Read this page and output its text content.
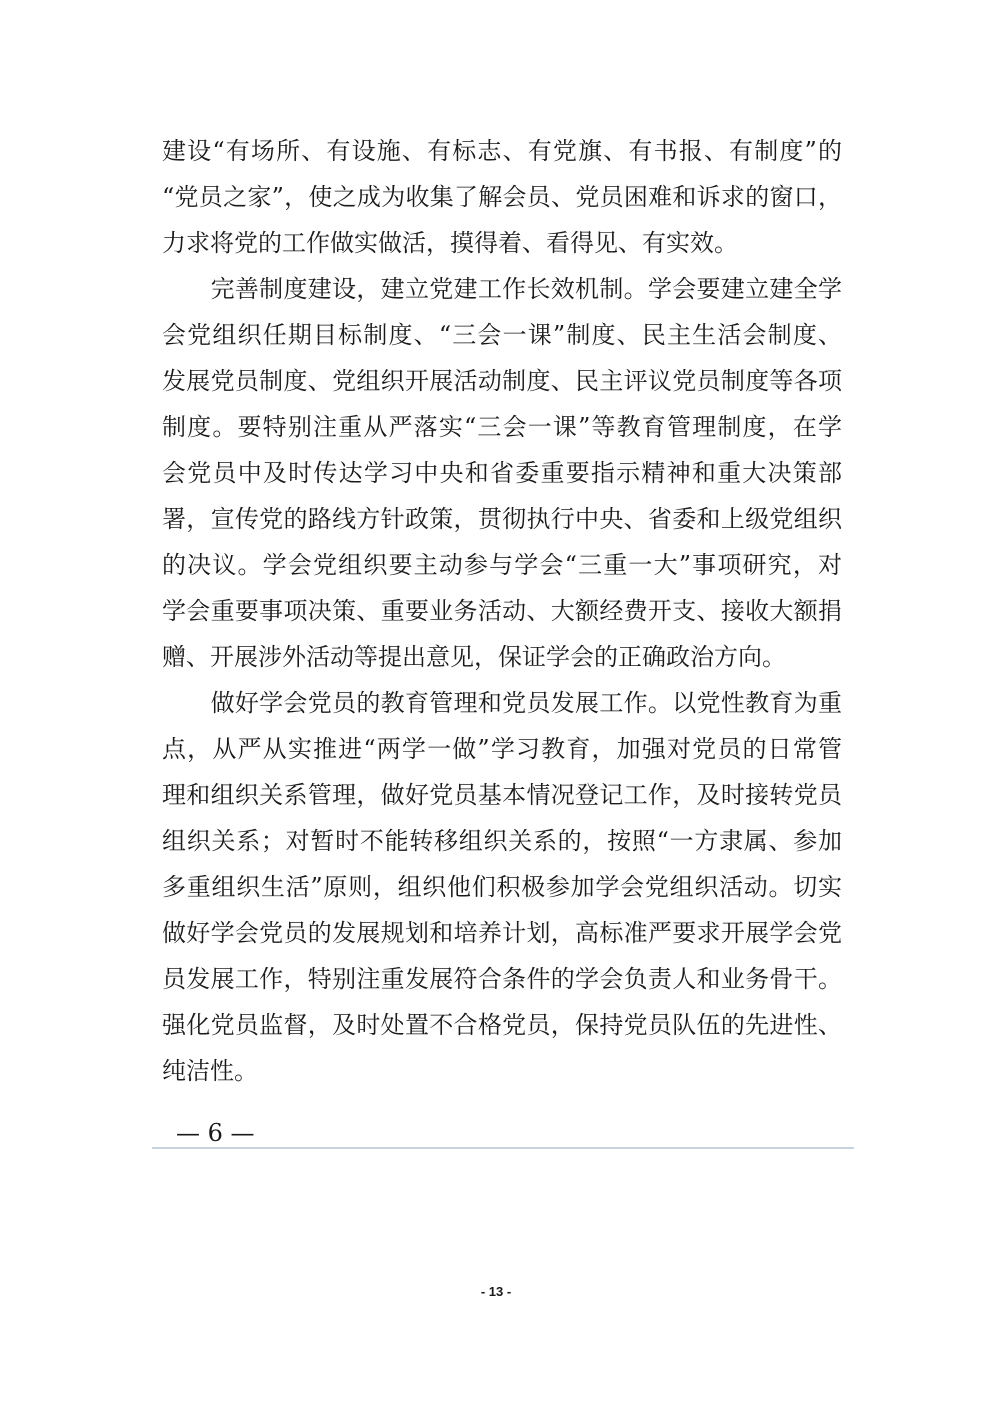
建设“有场所、有设施、有标志、有党旗、有书报、有制度”的
“党员之家”，使之成为收集了解会员、党员困难和诉求的窗口，
力求将党的工作做实做活，摸得着、看得见、有实效。
　　完善制度建设，建立党建工作长效机制。学会要建立建全学
会党组织任期目标制度、“三会一课”制度、民主生活会制度、
发展党员制度、党组织开展活动制度、民主评议党员制度等各项
制度。要特别注重从严落实“三会一课”等教育管理制度，在学
会党员中及时传达学习中央和省委重要指示精神和重大决策部
署，宣传党的路线方针政策，贯彻执行中央、省委和上级党组织
的决议。学会党组织要主动参与学会“三重一大”事项研究，对
学会重要事项决策、重要业务活动、大额经费开支、接收大额捐
赠、开展涉外活动等提出意见，保证学会的正确政治方向。
　　做好学会党员的教育管理和党员发展工作。以党性教育为重
点，从严从实推进“两学一做”学习教育，加强对党员的日常管
理和组织关系管理，做好党员基本情况登记工作，及时接转党员
组织关系；对暂时不能转移组织关系的，按照“一方隶属、参加
多重组织生活”原则，组织他们积极参加学会党组织活动。切实
做好学会党员的发展规划和培养计划，高标准严要求开展学会党
员发展工作，特别注重发展符合条件的学会负责人和业务骨干。
强化党员监督，及时处置不合格党员，保持党员队伍的先进性、
纯洁性。
— 6 —
- 13 -
